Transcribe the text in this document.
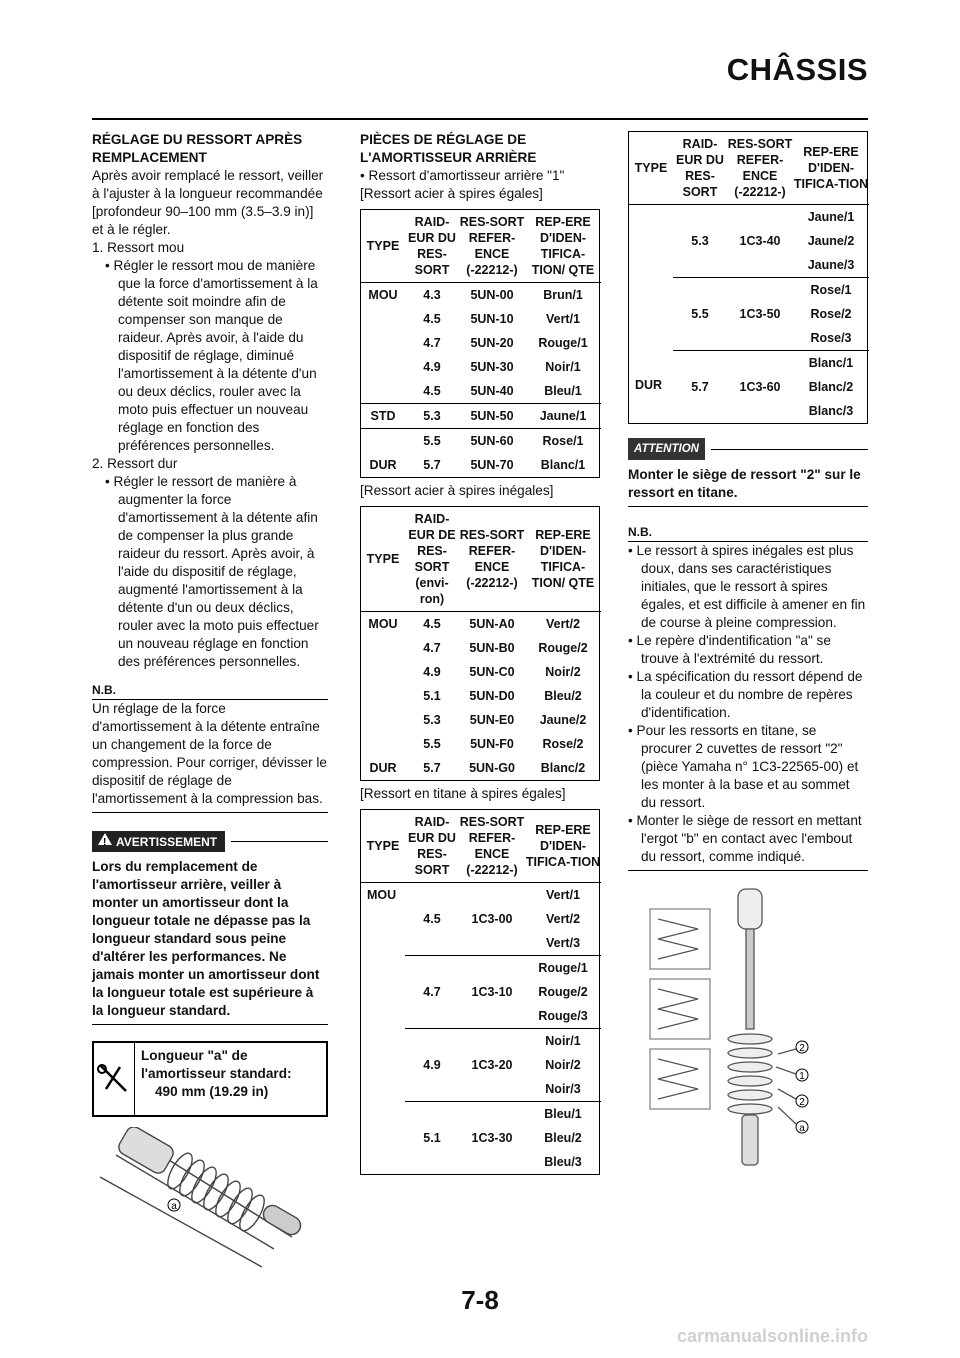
CHÂSSIS

RÉGLAGE DU RESSORT APRÈS REMPLACEMENT

Après avoir remplacé le ressort, veiller à l'ajuster à la longueur recommandée [profondeur 90–100 mm (3.5–3.9 in)] et à le régler.

1. Ressort mou

• Régler le ressort mou de manière que la force d'amortissement à la détente soit moindre afin de compenser son manque de raideur. Après avoir, à l'aide du dispositif de réglage, diminué l'amortissement à la détente d'un ou deux déclics, rouler avec la moto puis effectuer un nouveau réglage en fonction des préférences personnelles.

2. Ressort dur

• Régler le ressort de manière à augmenter la force d'amortissement à la détente afin de compenser la plus grande raideur du ressort. Après avoir, à l'aide du dispositif de réglage, augmenté l'amortissement à la détente d'un ou deux déclics, rouler avec la moto puis effectuer un nouveau réglage en fonction des préférences personnelles.

N.B.

Un réglage de la force d'amortissement à la détente entraîne un changement de la force de compression. Pour corriger, dévisser le dispositif de réglage de l'amortissement à la compression bas.

!
AVERTISSEMENT

Lors du remplacement de l'amortisseur arrière, veiller à monter un amortisseur dont la longueur totale ne dépasse pas la longueur standard sous peine d'altérer les performances. Ne jamais monter un amortisseur dont la longueur totale est supérieure à la longueur standard.

Longueur "a" de l'amortisseur standard:
490 mm (19.29 in)
a

PIÈCES DE RÉGLAGE DE L'AMORTISSEUR ARRIÈRE

• Ressort d'amortisseur arrière "1"

[Ressort acier à spires égales]

TYPE	RAID-EUR DU RES-SORT	RES-SORT REFER-ENCE (-22212-)	REP-ERE D'IDEN-TIFICA-TION/ QTE
MOU	4.3	5UN-00	Brun/1
	4.5	5UN-10	Vert/1
	4.7	5UN-20	Rouge/1
	4.9	5UN-30	Noir/1
	4.5	5UN-40	Bleu/1
STD	5.3	5UN-50	Jaune/1
	5.5	5UN-60	Rose/1
DUR	5.7	5UN-70	Blanc/1

[Ressort acier à spires inégales]

TYPE	RAID-EUR DE RES-SORT (envi-ron)	RES-SORT REFER-ENCE (-22212-)	REP-ERE D'IDEN-TIFICA-TION/ QTE
MOU	4.5	5UN-A0	Vert/2
	4.7	5UN-B0	Rouge/2
	4.9	5UN-C0	Noir/2
	5.1	5UN-D0	Bleu/2
	5.3	5UN-E0	Jaune/2
	5.5	5UN-F0	Rose/2
DUR	5.7	5UN-G0	Blanc/2

[Ressort en titane à spires égales]

TYPE	RAID-EUR DU RES-SORT	RES-SORT REFER-ENCE (-22212-)	REP-ERE D'IDEN-TIFICA-TION

MOU	4.5	1C3-00	Vert/1
			Vert/2
			Vert/3
	4.7	1C3-10	Rouge/1
			Rouge/2
			Rouge/3
	4.9	1C3-20	Noir/1
			Noir/2
			Noir/3
	5.1	1C3-30	Bleu/1
			Bleu/2
			Bleu/3
TYPE	RAID-EUR DU RES-SORT	RES-SORT REFER-ENCE (-22212-)	REP-ERE D'IDEN-TIFICA-TION

DUR	5.3	1C3-40	Jaune/1
			Jaune/2
			Jaune/3
	5.5	1C3-50	Rose/1
			Rose/2
			Rose/3
	5.7	1C3-60	Blanc/1
			Blanc/2
			Blanc/3
ATTENTION

Monter le siège de ressort "2" sur le ressort en titane.

N.B.

• Le ressort à spires inégales est plus doux, dans ses caractéristiques initiales, que le ressort à spires égales, et est difficile à amener en fin de course à pleine compression.

• Le repère d'indentification "a" se trouve à l'extrémité du ressort.

• La spécification du ressort dépend de la couleur et du nombre de repères d'identification.

• Pour les ressorts en titane, se procurer 2 cuvettes de ressort "2" (pièce Yamaha n° 1C3-22565-00) et les monter à la base et au sommet du ressort.

• Monter le siège de ressort en mettant l'ergot "b" en contact avec l'embout du ressort, comme indiqué.

2
1
2
a
7-8
carmanualsonline.info
